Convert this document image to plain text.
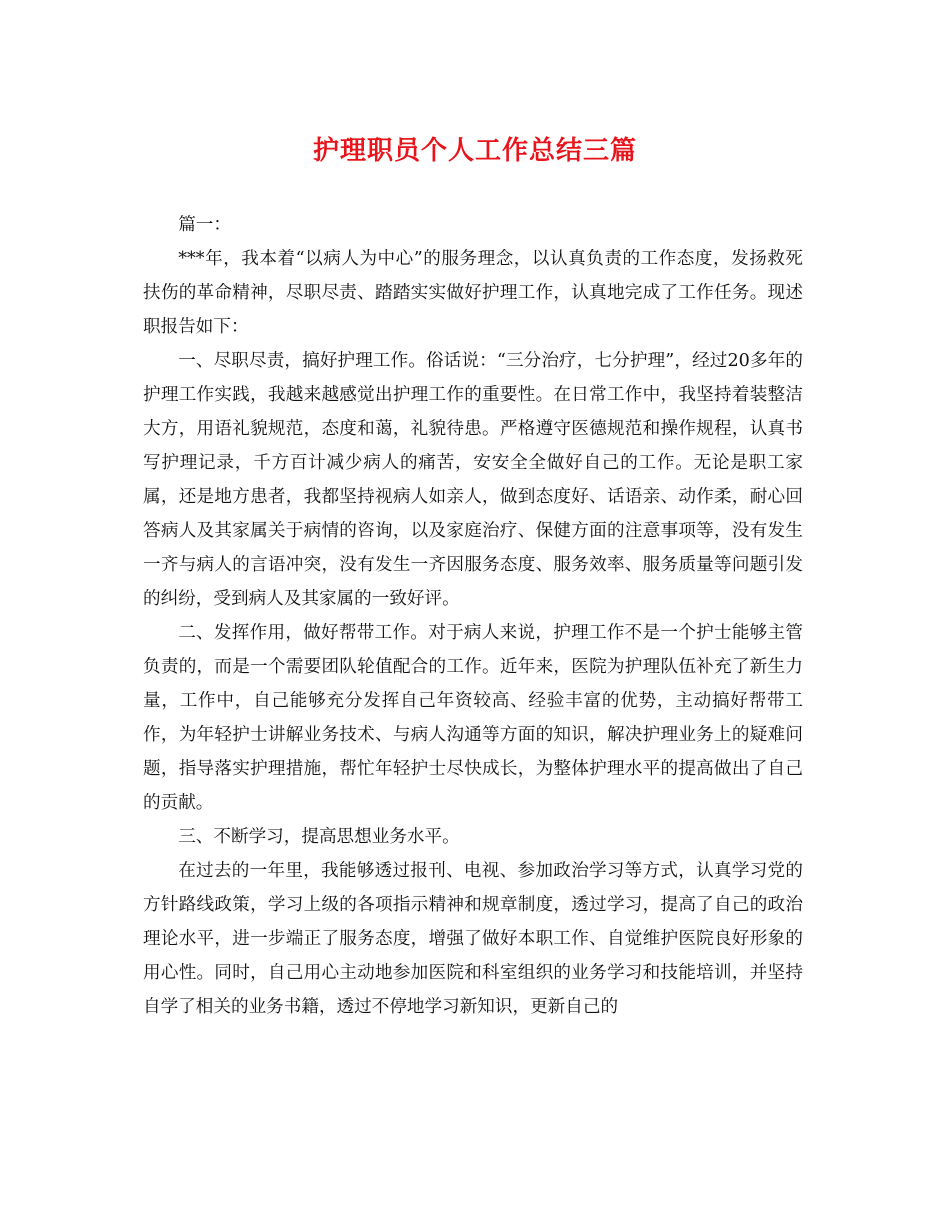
护理职员个人工作总结三篇

篇一：

***年，我本着“以病人为中心”的服务理念，以认真负责的工作态度，发扬救死扶伤的革命精神，尽职尽责、踏踏实实做好护理工作，认真地完成了工作任务。现述职报告如下：

一、尽职尽责，搞好护理工作。俗话说：“三分治疗，七分护理”，经过20多年的护理工作实践，我越来越感觉出护理工作的重要性。在日常工作中，我坚持着装整洁大方，用语礼貌规范，态度和蔼，礼貌待患。严格遵守医德规范和操作规程，认真书写护理记录，千方百计减少病人的痛苦，安安全全做好自己的工作。无论是职工家属，还是地方患者，我都坚持视病人如亲人，做到态度好、话语亲、动作柔，耐心回答病人及其家属关于病情的咨询，以及家庭治疗、保健方面的注意事项等，没有发生一齐与病人的言语冲突，没有发生一齐因服务态度、服务效率、服务质量等问题引发的纠纷，受到病人及其家属的一致好评。

二、发挥作用，做好帮带工作。对于病人来说，护理工作不是一个护士能够主管负责的，而是一个需要团队轮值配合的工作。近年来，医院为护理队伍补充了新生力量，工作中，自己能够充分发挥自己年资较高、经验丰富的优势，主动搞好帮带工作，为年轻护士讲解业务技术、与病人沟通等方面的知识，解决护理业务上的疑难问题，指导落实护理措施，帮忙年轻护士尽快成长，为整体护理水平的提高做出了自己的贡献。

三、不断学习，提高思想业务水平。

在过去的一年里，我能够透过报刊、电视、参加政治学习等方式，认真学习党的方针路线政策，学习上级的各项指示精神和规章制度，透过学习，提高了自己的政治理论水平，进一步端正了服务态度，增强了做好本职工作、自觉维护医院良好形象的用心性。同时，自己用心主动地参加医院和科室组织的业务学习和技能培训，并坚持自学了相关的业务书籍，透过不停地学习新知识，更新自己的
